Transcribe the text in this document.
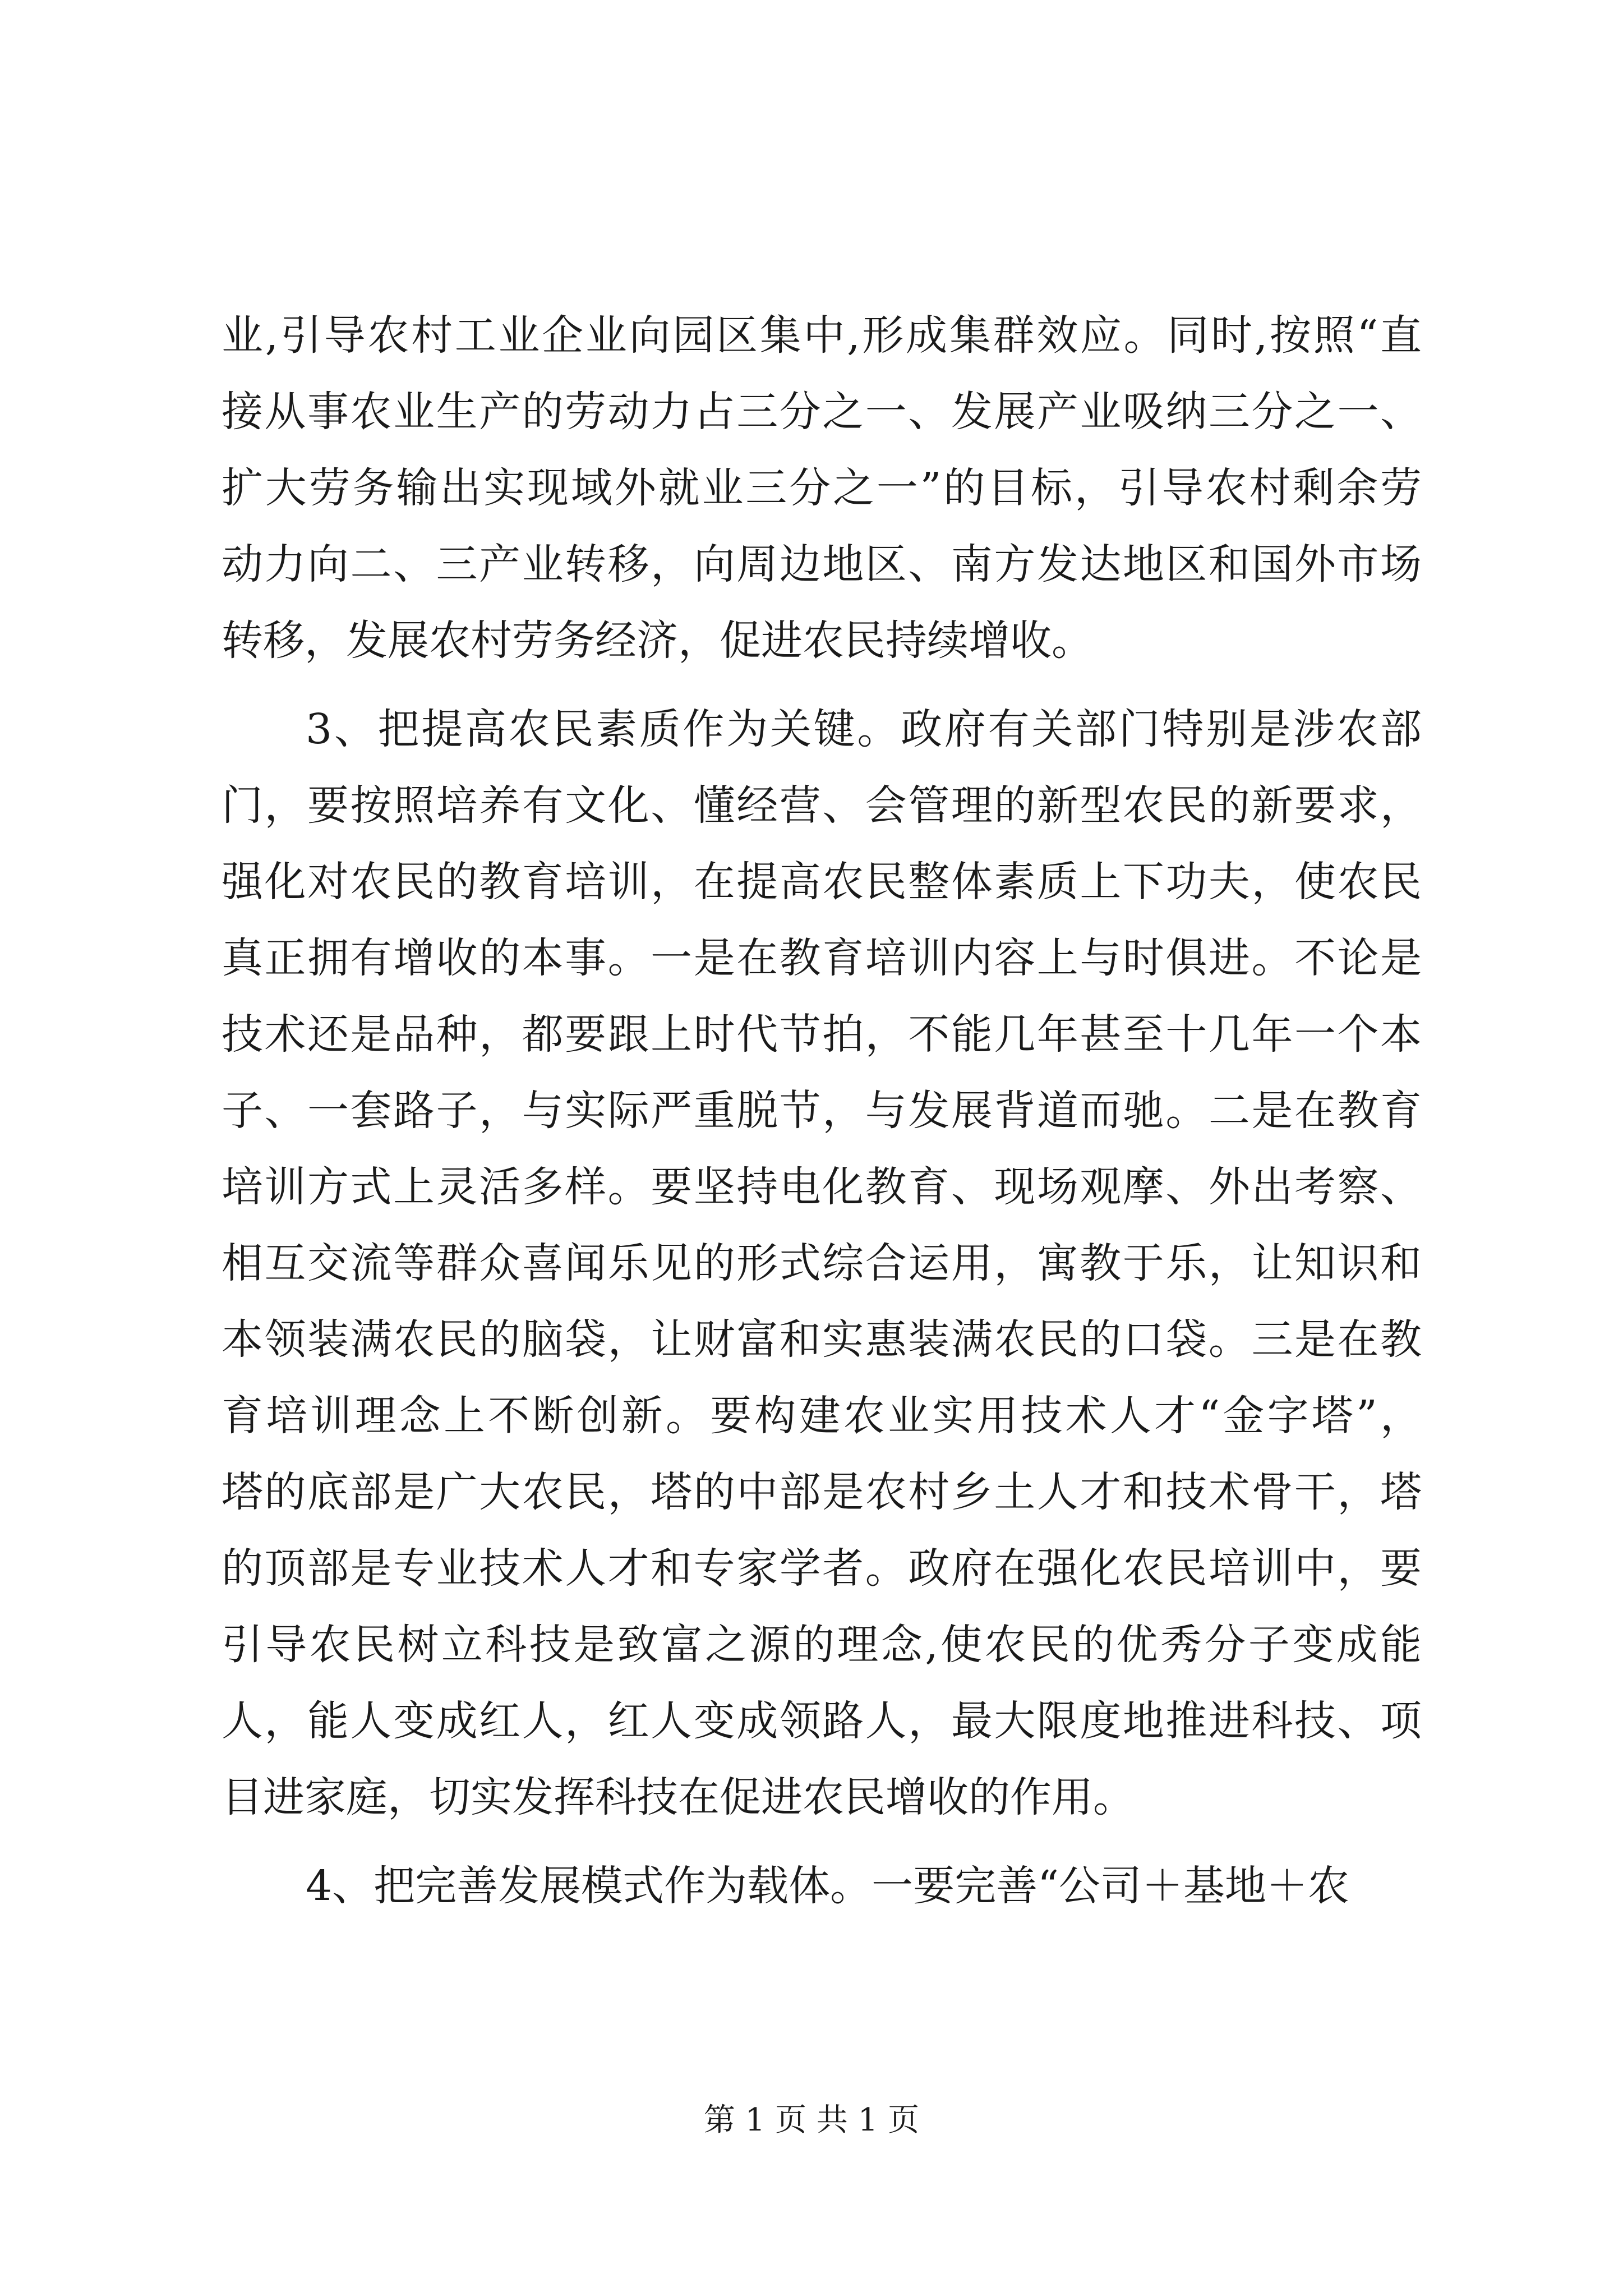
业,引导农村工业企业向园区集中,形成集群效应。同时,按照“直
接从事农业生产的劳动力占三分之一、发展产业吸纳三分之一、
扩大劳务输出实现域外就业三分之一”的目标，引导农村剩余劳
动力向二、三产业转移，向周边地区、南方发达地区和国外市场
转移，发展农村劳务经济，促进农民持续增收。
3、把提高农民素质作为关键。政府有关部门特别是涉农部
门，要按照培养有文化、懂经营、会管理的新型农民的新要求，
强化对农民的教育培训，在提高农民整体素质上下功夫，使农民
真正拥有增收的本事。一是在教育培训内容上与时俱进。不论是
技术还是品种，都要跟上时代节拍，不能几年甚至十几年一个本
子、一套路子，与实际严重脱节，与发展背道而驰。二是在教育
培训方式上灵活多样。要坚持电化教育、现场观摩、外出考察、
相互交流等群众喜闻乐见的形式综合运用，寓教于乐，让知识和
本领装满农民的脑袋，让财富和实惠装满农民的口袋。三是在教
育培训理念上不断创新。要构建农业实用技术人才“金字塔”，
塔的底部是广大农民，塔的中部是农村乡土人才和技术骨干，塔
的顶部是专业技术人才和专家学者。政府在强化农民培训中，要
引导农民树立科技是致富之源的理念,使农民的优秀分子变成能
人，能人变成红人，红人变成领路人，最大限度地推进科技、项
目进家庭，切实发挥科技在促进农民增收的作用。
4、把完善发展模式作为载体。一要完善“公司＋基地＋农
第 1 页 共 1 页
